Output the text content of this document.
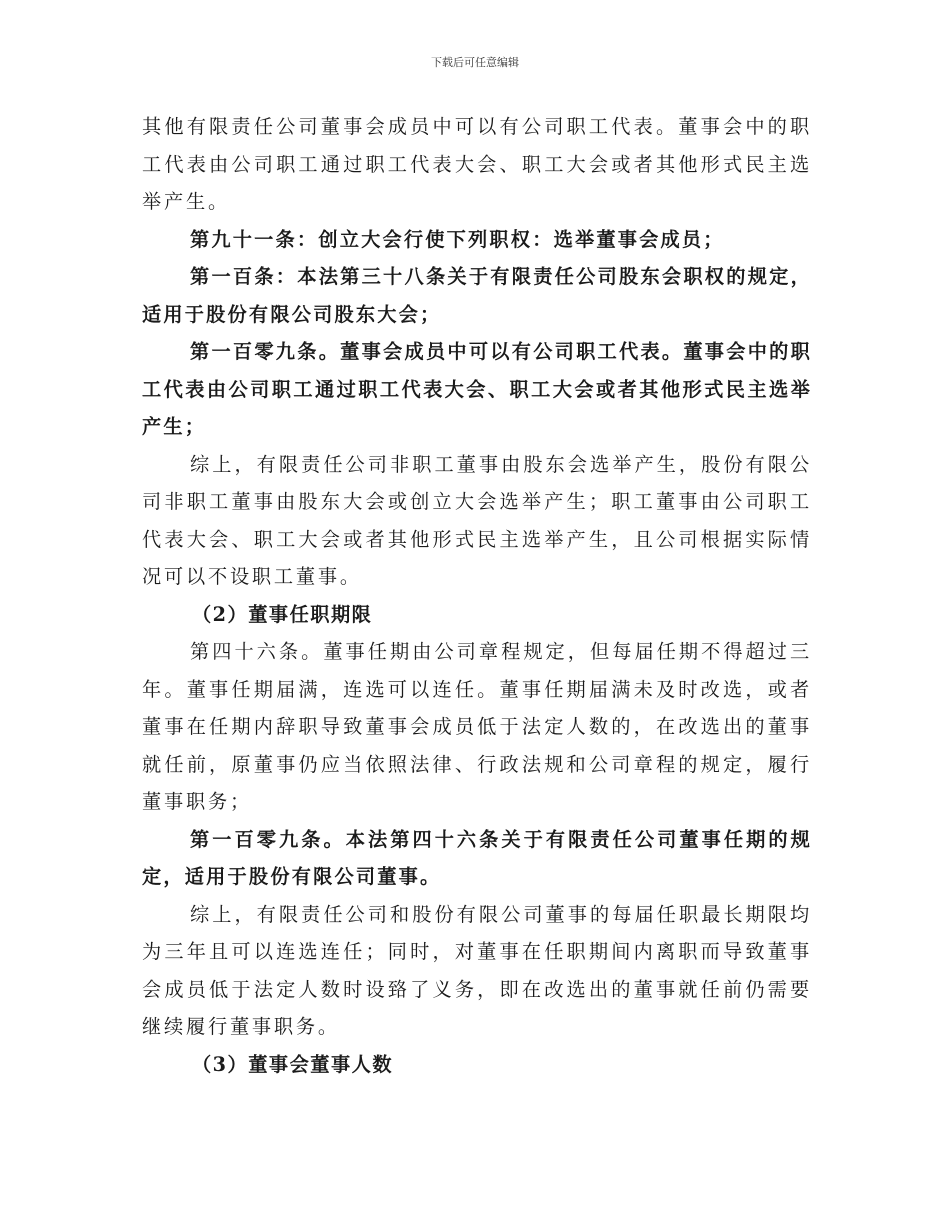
下载后可任意编辑

其他有限责任公司董事会成员中可以有公司职工代表。董事会中的职工代表由公司职工通过职工代表大会、职工大会或者其他形式民主选举产生。

第九十一条：创立大会行使下列职权：选举董事会成员；

第一百条：本法第三十八条关于有限责任公司股东会职权的规定，适用于股份有限公司股东大会；

第一百零九条。董事会成员中可以有公司职工代表。董事会中的职工代表由公司职工通过职工代表大会、职工大会或者其他形式民主选举产生；

综上，有限责任公司非职工董事由股东会选举产生，股份有限公司非职工董事由股东大会或创立大会选举产生；职工董事由公司职工代表大会、职工大会或者其他形式民主选举产生，且公司根据实际情况可以不设职工董事。

（2）董事任职期限

第四十六条。董事任期由公司章程规定，但每届任期不得超过三年。董事任期届满，连选可以连任。董事任期届满未及时改选，或者董事在任期内辞职导致董事会成员低于法定人数的，在改选出的董事就任前，原董事仍应当依照法律、行政法规和公司章程的规定，履行董事职务；

第一百零九条。本法第四十六条关于有限责任公司董事任期的规定，适用于股份有限公司董事。

综上，有限责任公司和股份有限公司董事的每届任职最长期限均为三年且可以连选连任；同时，对董事在任职期间内离职而导致董事会成员低于法定人数时设臵了义务，即在改选出的董事就任前仍需要继续履行董事职务。

（3）董事会董事人数
